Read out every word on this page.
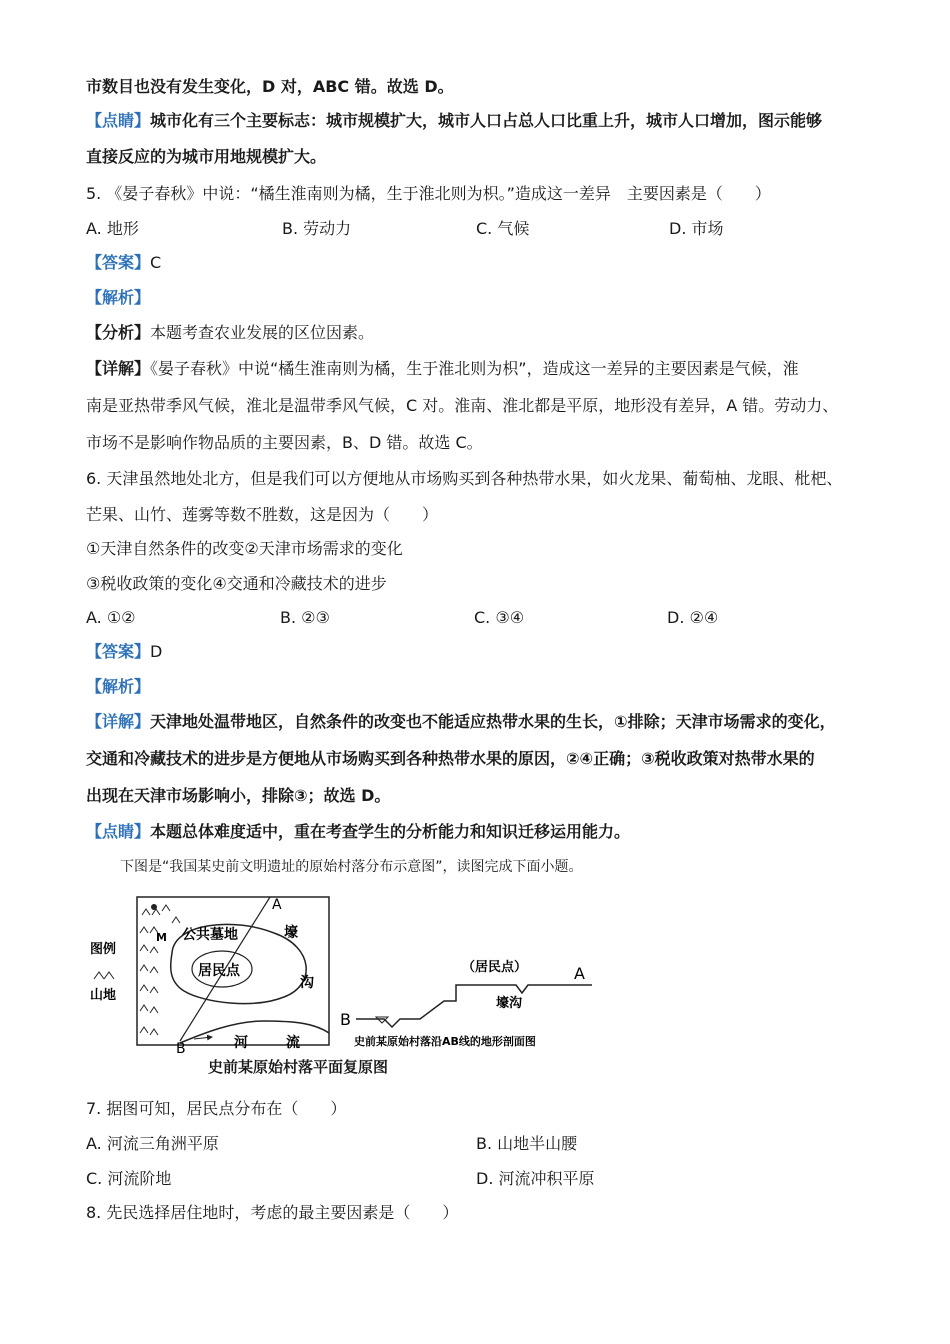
市数目也没有发生变化，D 对，ABC 错。故选 D。
【点睛】城市化有三个主要标志：城市规模扩大，城市人口占总人口比重上升，城市人口增加，图示能够
直接反应的为城市用地规模扩大。
5. 《晏子春秋》中说：“橘生淮南则为橘，生于淮北则为枳。”造成这一差异　主要因素是（　　）
A. 地形	B. 劳动力	C. 气候	D. 市场
【答案】C
【解析】
【分析】本题考查农业发展的区位因素。
【详解】《晏子春秋》中说“橘生淮南则为橘，生于淮北则为枳”，造成这一差异的主要因素是气候，淮
南是亚热带季风气候，淮北是温带季风气候，C 对。淮南、淮北都是平原，地形没有差异，A 错。劳动力、
市场不是影响作物品质的主要因素，B、D 错。故选 C。
6. 天津虽然地处北方，但是我们可以方便地从市场购买到各种热带水果，如火龙果、葡萄柚、龙眼、枇杷、
芒果、山竹、莲雾等数不胜数，这是因为（　　）
①天津自然条件的改变②天津市场需求的变化
③税收政策的变化④交通和冷藏技术的进步
A. ①②	B. ②③	C. ③④	D. ②④
【答案】D
【解析】
【详解】天津地处温带地区，自然条件的改变也不能适应热带水果的生长，①排除；天津市场需求的变化，
交通和冷藏技术的进步是方便地从市场购买到各种热带水果的原因，②④正确；③税收政策对热带水果的
出现在天津市场影响小，排除③；故选 D。
【点睛】本题总体难度适中，重在考查学生的分析能力和知识迁移运用能力。
下图是“我国某史前文明遗址的原始村落分布示意图”，读图完成下面小题。
图例
山地
M
A
B
公共墓地	壕
沟
居民点
河	流
（居民点）	A
B
壕沟
史前某原始村落沿AB线的地形剖面图
史前某原始村落平面复原图
7. 据图可知，居民点分布在（　　）
A. 河流三角洲平原	B. 山地半山腰
C. 河流阶地	D. 河流冲积平原
8. 先民选择居住地时，考虑的最主要因素是（　　）
